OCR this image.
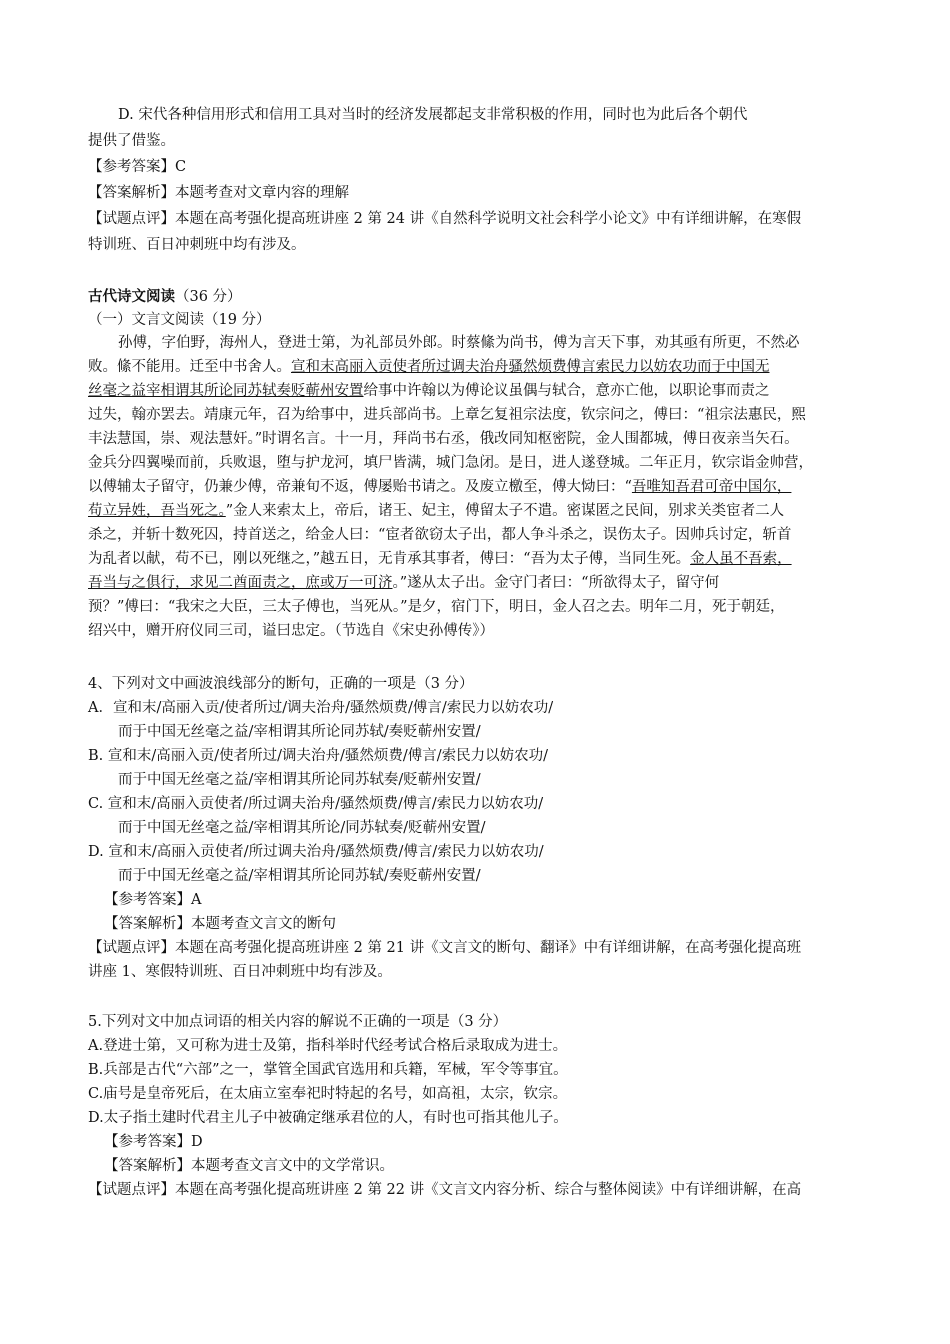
D. 宋代各种信用形式和信用工具对当时的经济发展都起支非常积极的作用，同时也为此后各个朝代
提供了借鉴。
【参考答案】C
【答案解析】本题考查对文章内容的理解
【试题点评】本题在高考强化提高班讲座 2 第 24 讲《自然科学说明文社会科学小论文》中有详细讲解，在寒假
特训班、百日冲刺班中均有涉及。
古代诗文阅读（36 分）
（一）文言文阅读（19 分）
孙傅，字伯野，海州人，登进士第，为礼部员外郎。时蔡絛为尚书，傅为言天下事，劝其亟有所更，不然必
败。絛不能用。迁至中书舍人。宣和末高丽入贡使者所过调夫治舟骚然烦费傅言索民力以妨农功而于中国无
丝毫之益宰相谓其所论同苏轼奏贬蕲州安置给事中许翰以为傅论议虽偶与轼合，意亦亡他，以职论事而责之
过失，翰亦罢去。靖康元年，召为给事中，进兵部尚书。上章乞复祖宗法度，钦宗问之，傅曰：“祖宗法惠民，熙
丰法慧国，崇、观法慧奸。”时谓名言。十一月，拜尚书右丞，俄改同知枢密院，金人围都城，傅日夜亲当矢石。
金兵分四翼噪而前，兵败退，堕与护龙河，填尸皆满，城门急闭。是日，进人遂登城。二年正月，钦宗诣金帅营，
以傅辅太子留守，仍兼少傅，帝兼旬不返，傅屡贻书请之。及废立檄至，傅大恸曰：“吾唯知吾君可帝中国尔，
苟立异姓，吾当死之。”金人来索太上，帝后，诸王、妃主，傅留太子不遣。密谋匿之民间，别求关类宦者二人
杀之，并斩十数死囚，持首送之，给金人曰：“宦者欲窃太子出，都人争斗杀之，误伤太子。因帅兵讨定，斩首
为乱者以献，苟不已，刚以死继之，”越五日，无肯承其事者，傅曰：“吾为太子傅，当同生死。金人虽不吾索，
吾当与之俱行，求见二酋面责之，庶或万一可济。”遂从太子出。金守门者曰：“所欲得太子，留守何
预？”傅曰：“我宋之大臣，三太子傅也，当死从。”是夕，宿门下，明日，金人召之去。明年二月，死于朝廷，
绍兴中，赠开府仪同三司，谥曰忠定。（节选自《宋史孙傅传》）
4、下列对文中画波浪线部分的断句，正确的一项是（3 分）
A．宣和末/高丽入贡/使者所过/调夫治舟/骚然烦费/傅言/索民力以妨农功/
而于中国无丝毫之益/宰相谓其所论同苏轼/奏贬蕲州安置/
B. 宣和末/高丽入贡/使者所过/调夫治舟/骚然烦费/傅言/索民力以妨农功/
而于中国无丝毫之益/宰相谓其所论同苏轼奏/贬蕲州安置/
C. 宣和末/高丽入贡使者/所过调夫治舟/骚然烦费/傅言/索民力以妨农功/
而于中国无丝毫之益/宰相谓其所论/同苏轼奏/贬蕲州安置/
D. 宣和末/高丽入贡使者/所过调夫治舟/骚然烦费/傅言/索民力以妨农功/
而于中国无丝毫之益/宰相谓其所论同苏轼/奏贬蕲州安置/
【参考答案】A
【答案解析】本题考查文言文的断句
【试题点评】本题在高考强化提高班讲座 2 第 21 讲《文言文的断句、翻译》中有详细讲解，在高考强化提高班
讲座 1、寒假特训班、百日冲刺班中均有涉及。
5.下列对文中加点词语的相关内容的解说不正确的一项是（3 分）
A.登进士第，又可称为进士及第，指科举时代经考试合格后录取成为进士。
B.兵部是古代“六部”之一，掌管全国武官选用和兵籍，军械，军令等事宜。
C.庙号是皇帝死后，在太庙立室奉祀时特起的名号，如高祖，太宗，钦宗。
D.太子指土建时代君主儿子中被确定继承君位的人，有时也可指其他儿子。
【参考答案】D
【答案解析】本题考查文言文中的文学常识。
【试题点评】本题在高考强化提高班讲座 2 第 22 讲《文言文内容分析、综合与整体阅读》中有详细讲解，在高
